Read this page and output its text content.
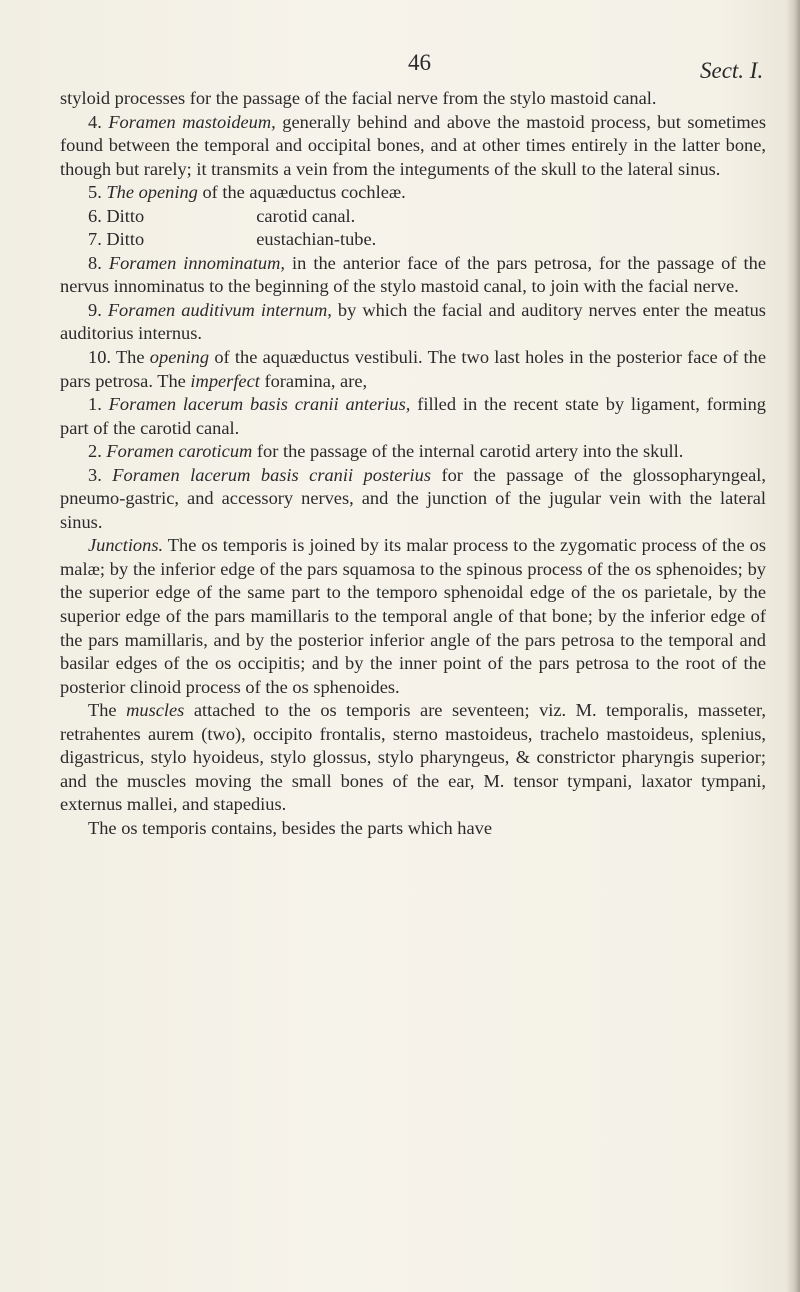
46	Sect. I.

styloid processes for the passage of the facial nerve from the stylo mastoid canal.

4. Foramen mastoideum, generally behind and above the mastoid process, but sometimes found between the temporal and occipital bones, and at other times entirely in the latter bone, though but rarely; it transmits a vein from the integuments of the skull to the lateral sinus.

5. The opening of the aquæductus cochleæ.

6. Ditto	carotid canal.

7. Ditto	eustachian-tube.

8. Foramen innominatum, in the anterior face of the pars petrosa, for the passage of the nervus innominatus to the beginning of the stylo mastoid canal, to join with the facial nerve.

9. Foramen auditivum internum, by which the facial and auditory nerves enter the meatus auditorius internus.

10. The opening of the aquæductus vestibuli. The two last holes in the posterior face of the pars petrosa. The imperfect foramina, are,

1. Foramen lacerum basis cranii anterius, filled in the recent state by ligament, forming part of the carotid canal.

2. Foramen caroticum for the passage of the internal carotid artery into the skull.

3. Foramen lacerum basis cranii posterius for the passage of the glossopharyngeal, pneumo-gastric, and accessory nerves, and the junction of the jugular vein with the lateral sinus.

Junctions. The os temporis is joined by its malar process to the zygomatic process of the os malæ; by the inferior edge of the pars squamosa to the spinous process of the os sphenoides; by the superior edge of the same part to the temporo sphenoidal edge of the os parietale, by the superior edge of the pars mamillaris to the temporal angle of that bone; by the inferior edge of the pars mamillaris, and by the posterior inferior angle of the pars petrosa to the temporal and basilar edges of the os occipitis; and by the inner point of the pars petrosa to the root of the posterior clinoid process of the os sphenoides.

The muscles attached to the os temporis are seventeen; viz. M. temporalis, masseter, retrahentes aurem (two), occipito frontalis, sterno mastoideus, trachelo mastoideus, splenius, digastricus, stylo hyoideus, stylo glossus, stylo pharyngeus, & constrictor pharyngis superior; and the muscles moving the small bones of the ear, M. tensor tympani, laxator tympani, externus mallei, and stapedius.

The os temporis contains, besides the parts which have
